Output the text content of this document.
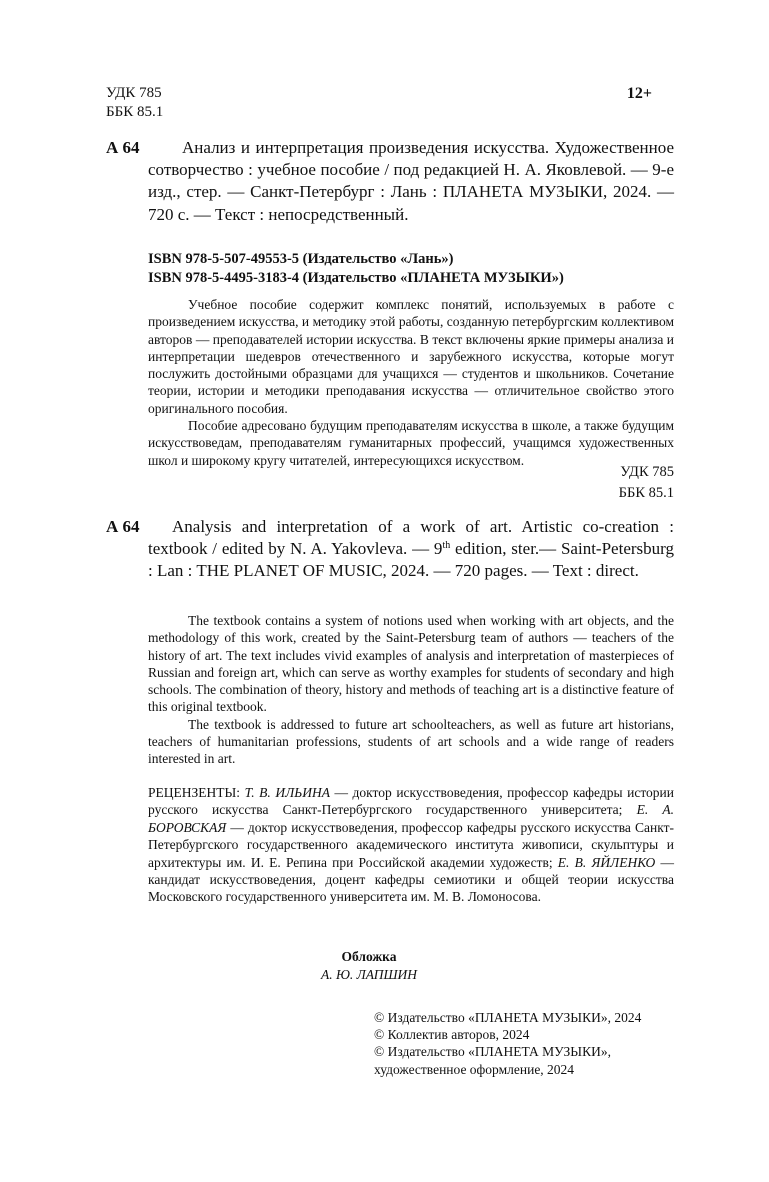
УДК 785
ББК 85.1
12+
А 64	Анализ и интерпретация произведения искусства. Художественное сотворчество : учебное пособие / под редакцией Н. А. Яковлевой. — 9-е изд., стер. — Санкт-Петербург : Лань : ПЛАНЕТА МУЗЫКИ, 2024. — 720 с. — Текст : непосредственный.
ISBN 978-5-507-49553-5 (Издательство «Лань»)
ISBN 978-5-4495-3183-4 (Издательство «ПЛАНЕТА МУЗЫКИ»)

Учебное пособие содержит комплекс понятий, используемых в работе с произведением искусства, и методику этой работы, созданную петербургским коллективом авторов — преподавателей истории искусства. В текст включены яркие примеры анализа и интерпретации шедевров отечественного и зарубежного искусства, которые могут послужить достойными образцами для учащихся — студентов и школьников. Сочетание теории, истории и методики преподавания искусства — отличительное свойство этого оригинального пособия.

Пособие адресовано будущим преподавателям искусства в школе, а также будущим искусствоведам, преподавателям гуманитарных профессий, учащимся художественных школ и широкому кругу читателей, интересующихся искусством.

УДК 785
ББК 85.1
А 64	Analysis and interpretation of a work of art. Artistic co-creation : textbook / edited by N. A. Yakovleva. — 9th edition, ster.— Saint-Petersburg : Lan : THE PLANET OF MUSIC, 2024. — 720 pages. — Text : direct.

The textbook contains a system of notions used when working with art objects, and the methodology of this work, created by the Saint-Petersburg team of authors — teachers of the history of art. The text includes vivid examples of analysis and interpretation of masterpieces of Russian and foreign art, which can serve as worthy examples for students of secondary and high schools. The combination of theory, history and methods of teaching art is a distinctive feature of this original textbook.

The textbook is addressed to future art schoolteachers, as well as future art historians, teachers of humanitarian professions, students of art schools and a wide range of readers interested in art.

РЕЦЕНЗЕНТЫ: Т. В. ИЛЬИНА — доктор искусствоведения, профессор кафедры истории русского искусства Санкт-Петербургского государственного университета; Е. А. БОРОВСКАЯ — доктор искусствоведения, профессор кафедры русского искусства Санкт-Петербургского государственного академического института живописи, скульптуры и архитектуры им. И. Е. Репина при Российской академии художеств; Е. В. ЯЙЛЕНКО — кандидат искусствоведения, доцент кафедры семиотики и общей теории искусства Московского государственного университета им. М. В. Ломоносова.
Обложка
А. Ю. ЛАПШИН
© Издательство «ПЛАНЕТА МУЗЫКИ», 2024
© Коллектив авторов, 2024
© Издательство «ПЛАНЕТА МУЗЫКИ»,
художественное оформление, 2024
